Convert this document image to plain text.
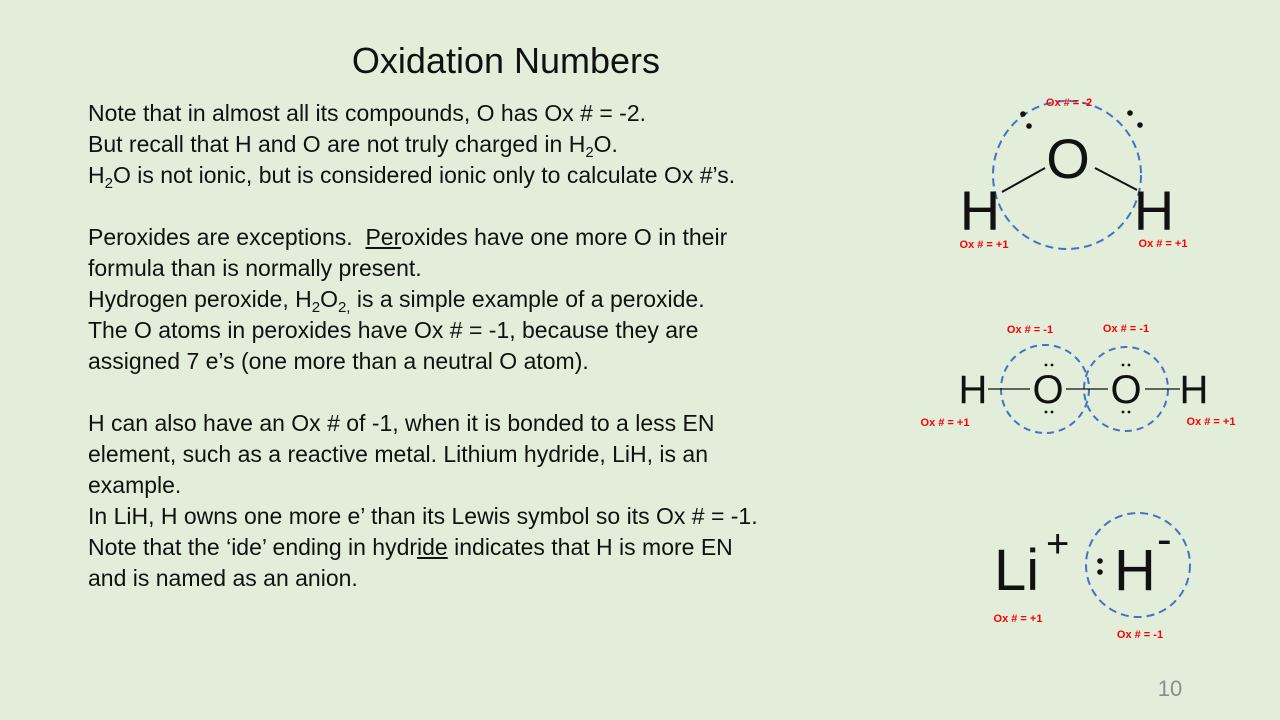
Oxidation Numbers

Note that in almost all its compounds, O has Ox # = -2.

But recall that H and O are not truly charged in $H_2O$.

$H_2O$ is not ionic, but is considered ionic only to calculate Ox #’s.

Peroxides are exceptions.  Peroxides have one more O in their

formula than is normally present.

Hydrogen peroxide, $H_2O_{2,}$ is a simple example of a peroxide.

The O atoms in peroxides have Ox # = -1, because they are

assigned 7 e’s (one more than a neutral O atom).

H can also have an Ox # of -1, when it is bonded to a less EN

element, such as a reactive metal. Lithium hydride, LiH, is an

example.

In LiH, H owns one more e’ than its Lewis symbol so its Ox # = -1.

Note that the ‘ide’ ending in hydride indicates that H is more EN

and is named as an anion.

O
H H
Ox # = -2
Ox # = +1	Ox # = +1
H O O H
Ox # = -1	Ox # = -1
Ox # = +1	Ox # = +1
Li + H -
Ox # = +1
Ox # = -1
10
